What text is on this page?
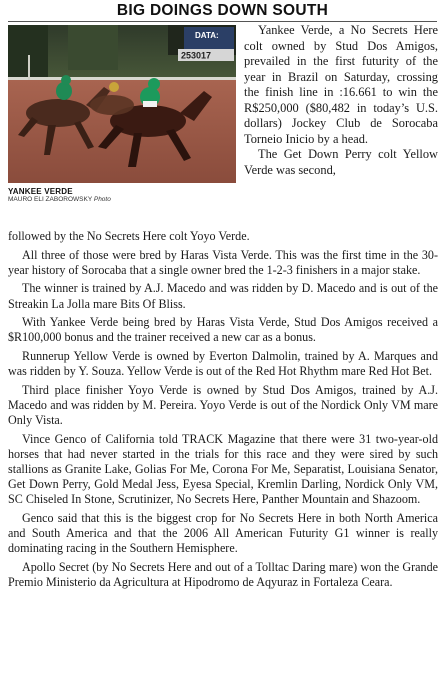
BIG DOINGS DOWN SOUTH
DATA:
253017
YANKEE VERDE
MAURO ELI ZABOROWSKY Photo

Yankee Verde, a No Secrets Here colt owned by Stud Dos Amigos, prevailed in the first futurity of the year in Brazil on Saturday, crossing the finish line in :16.661 to win the R$250,000 ($80,482 in today’s U.S. dollars) Jockey Club de Sorocaba Torneio Inicio by a head.

The Get Down Perry colt Yellow Verde was second,

followed by the No Secrets Here colt Yoyo Verde.

All three of those were bred by Haras Vista Verde. This was the first time in the 30-year history of Sorocaba that a single owner bred the 1-2-3 finishers in a major stake.

The winner is trained by A.J. Macedo and was ridden by D. Macedo and is out of the Streakin La Jolla mare Bits Of Bliss.

With Yankee Verde being bred by Haras Vista Verde, Stud Dos Amigos received a $R100,000 bonus and the trainer received a new car as a bonus.

Runnerup Yellow Verde is owned by Everton Dalmolin, trained by A. Marques and was ridden by Y. Souza. Yellow Verde is out of the Red Hot Rhythm mare Red Hot Bet.

Third place finisher Yoyo Verde is owned by Stud Dos Amigos, trained by A.J. Macedo and was ridden by M. Pereira. Yoyo Verde is out of the Nordick Only VM mare Only Vista.

Vince Genco of California told TRACK Magazine that there were 31 two-year-old horses that had never started in the trials for this race and they were sired by such stallions as Granite Lake, Golias For Me, Corona For Me, Separatist, Louisiana Senator, Get Down Perry, Gold Medal Jess, Eyesa Special, Kremlin Darling, Nordick Only VM, SC Chiseled In Stone, Scrutinizer, No Secrets Here, Panther Mountain and Shazoom.

Genco said that this is the biggest crop for No Secrets Here in both North America and South America and that the 2006 All American Futurity G1 winner is really dominating racing in the Southern Hemisphere.

Apollo Secret (by No Secrets Here and out of a Tolltac Daring mare) won the Grande Premio Ministerio da Agricultura at Hipodromo de Aqyuraz in Fortaleza Ceara.
